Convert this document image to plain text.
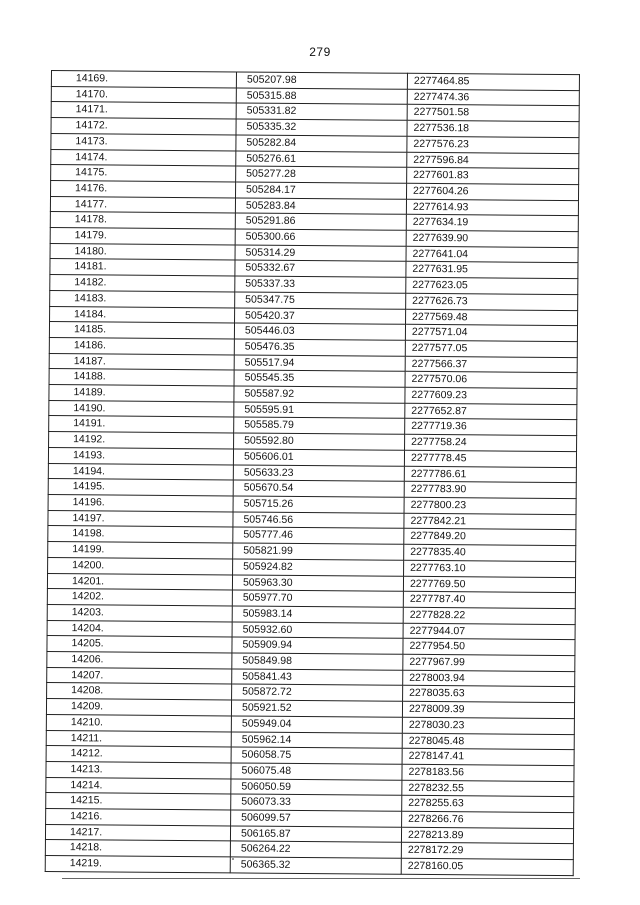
279
14169.	505207.98	2277464.85
14170.	505315.88	2277474.36
14171.	505331.82	2277501.58
14172.	505335.32	2277536.18
14173.	505282.84	2277576.23
14174.	505276.61	2277596.84
14175.	505277.28	2277601.83
14176.	505284.17	2277604.26
14177.	505283.84	2277614.93
14178.	505291.86	2277634.19
14179.	505300.66	2277639.90
14180.	505314.29	2277641.04
14181.	505332.67	2277631.95
14182.	505337.33	2277623.05
14183.	505347.75	2277626.73
14184.	505420.37	2277569.48
14185.	505446.03	2277571.04
14186.	505476.35	2277577.05
14187.	505517.94	2277566.37
14188.	505545.35	2277570.06
14189.	505587.92	2277609.23
14190.	505595.91	2277652.87
14191.	505585.79	2277719.36
14192.	505592.80	2277758.24
14193.	505606.01	2277778.45
14194.	505633.23	2277786.61
14195.	505670.54	2277783.90
14196.	505715.26	2277800.23
14197.	505746.56	2277842.21
14198.	505777.46	2277849.20
14199.	505821.99	2277835.40
14200.	505924.82	2277763.10
14201.	505963.30	2277769.50
14202.	505977.70	2277787.40
14203.	505983.14	2277828.22
14204.	505932.60	2277944.07
14205.	505909.94	2277954.50
14206.	505849.98	2277967.99
14207.	505841.43	2278003.94
14208.	505872.72	2278035.63
14209.	505921.52	2278009.39
14210.	505949.04	2278030.23
14211.	505962.14	2278045.48
14212.	506058.75	2278147.41
14213.	506075.48	2278183.56
14214.	506050.59	2278232.55
14215.	506073.33	2278255.63
14216.	506099.57	2278266.76
14217.	506165.87	2278213.89
14218.	506264.22	2278172.29
14219.	506365.32	2278160.05
